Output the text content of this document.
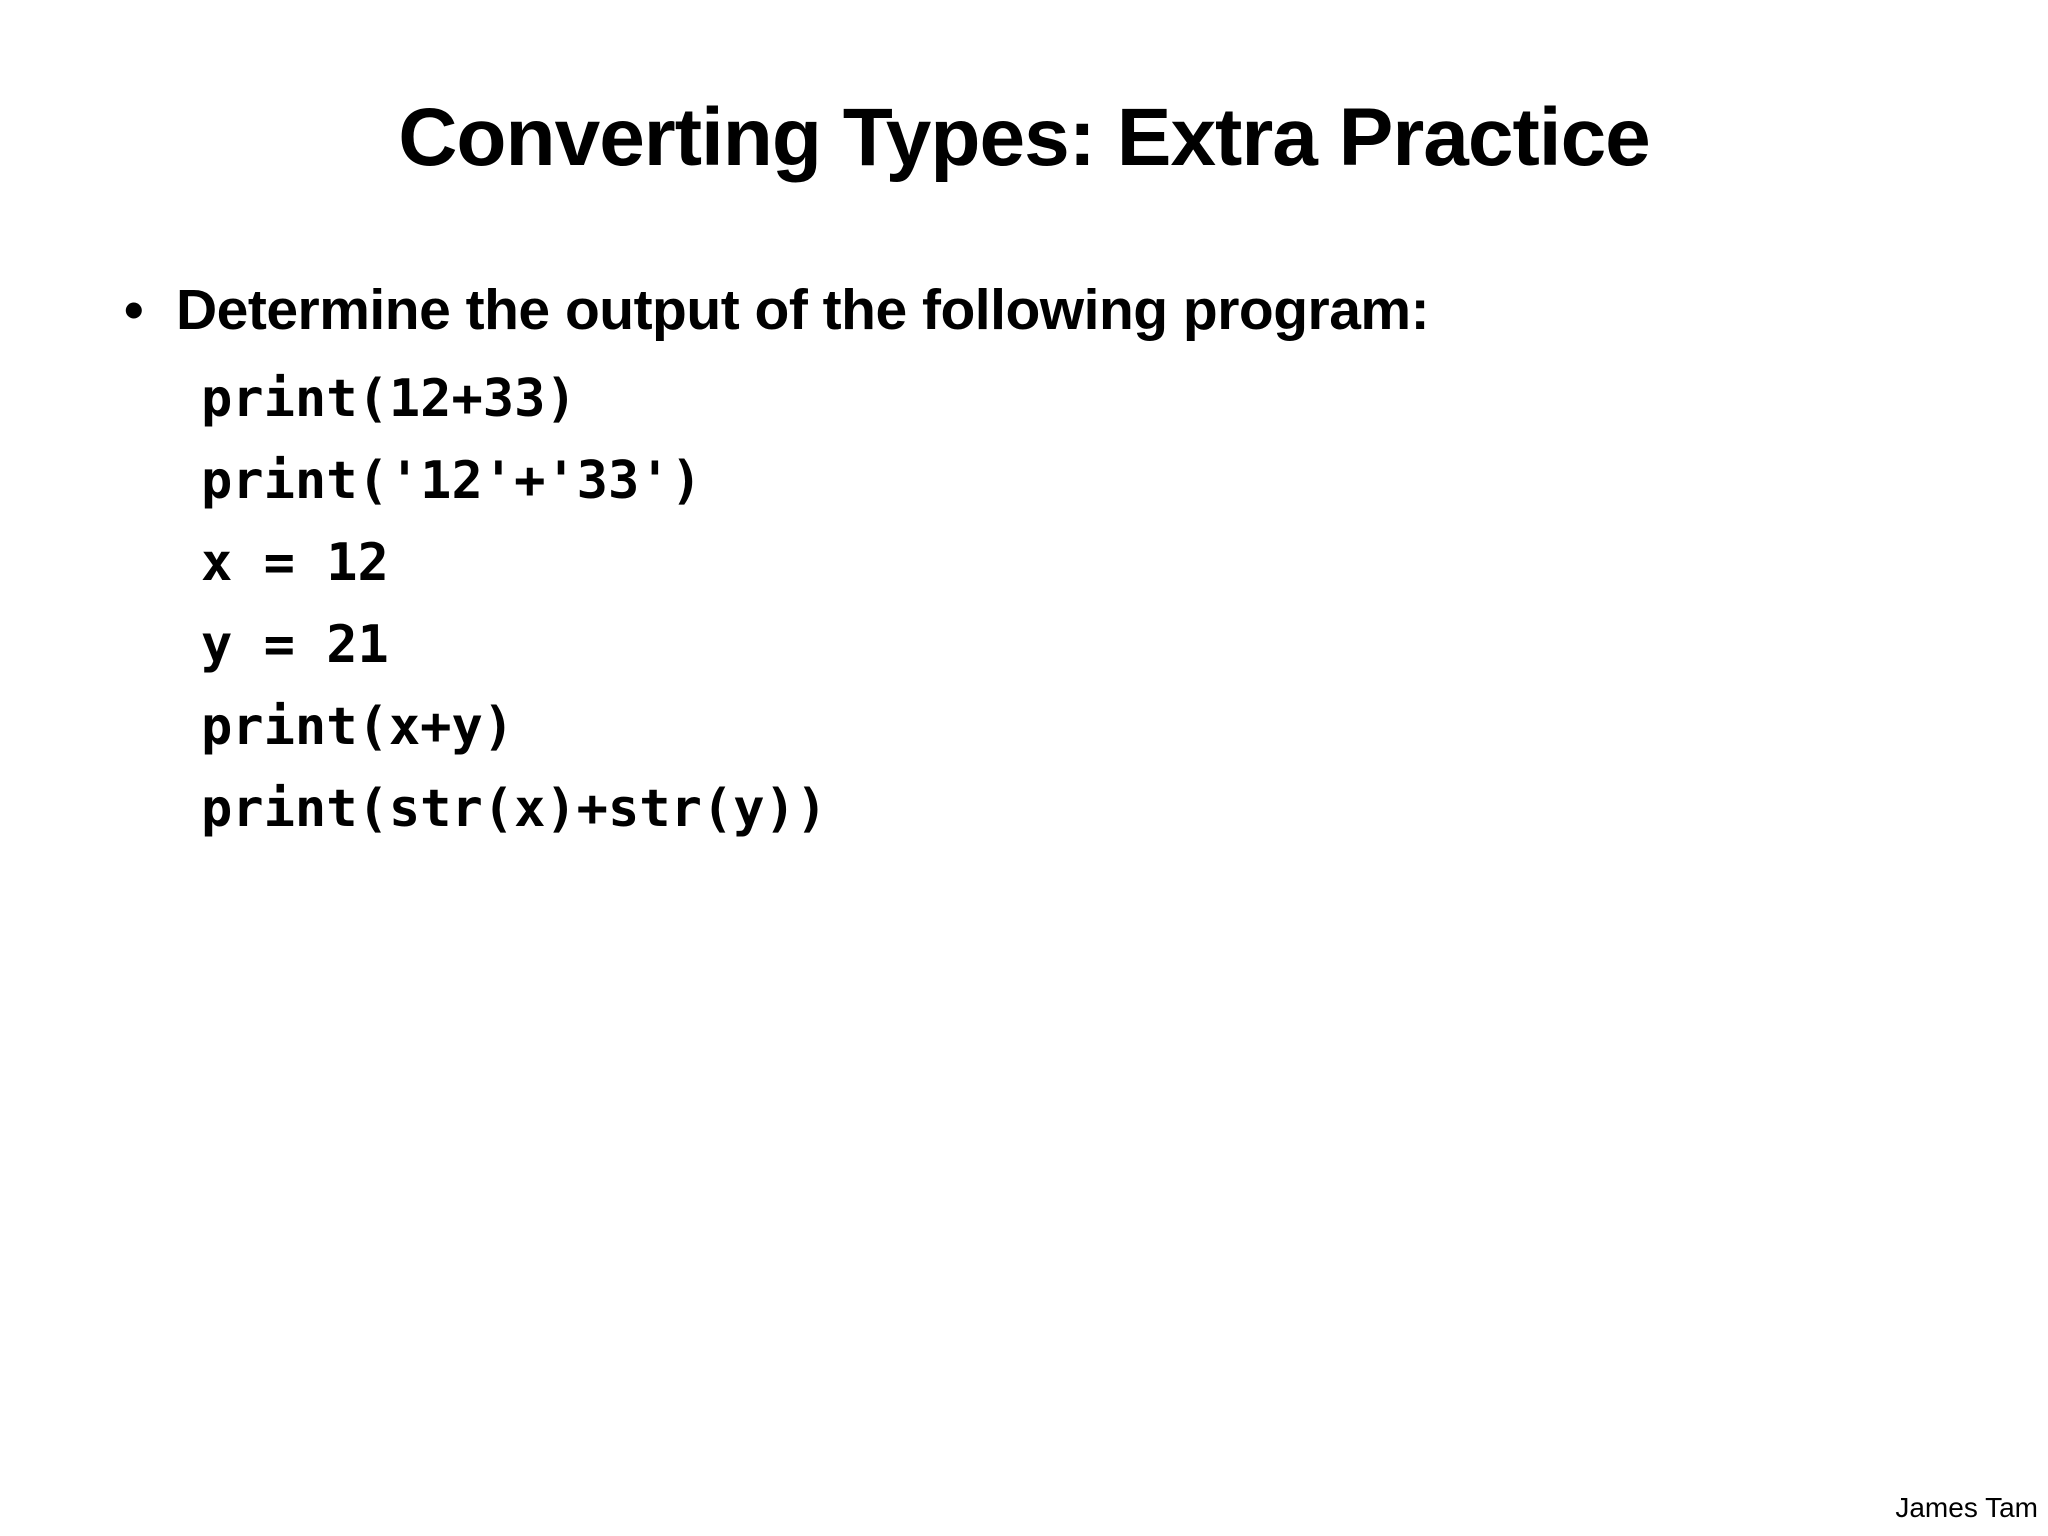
Converting Types: Extra Practice
• Determine the output of the following program:
print(12+33)
print('12'+'33')
x = 12
y = 21
print(x+y)
print(str(x)+str(y))
James Tam
